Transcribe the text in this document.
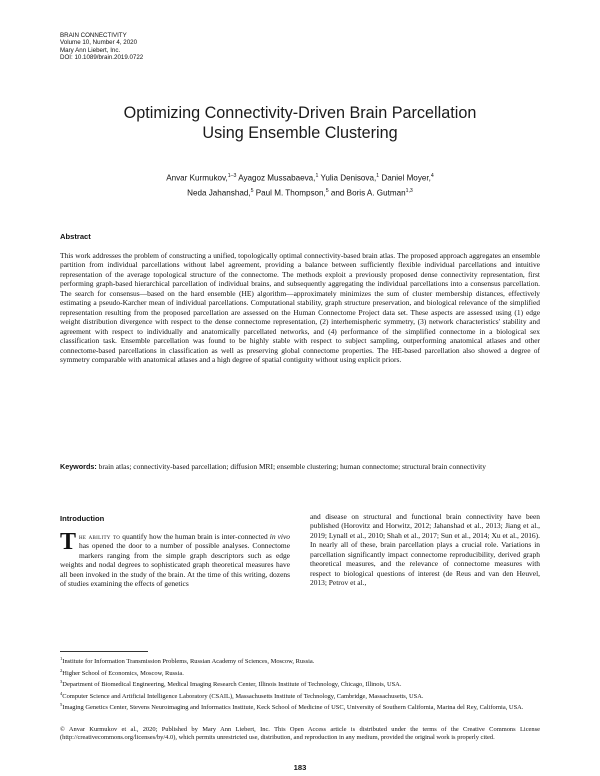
BRAIN CONNECTIVITY
Volume 10, Number 4, 2020
Mary Ann Liebert, Inc.
DOI: 10.1089/brain.2019.0722
Optimizing Connectivity-Driven Brain Parcellation
Using Ensemble Clustering
Anvar Kurmukov,$^{1-3}$ Ayagoz Mussabaeva,$^1$ Yulia Denisova,$^1$ Daniel Moyer,$^4$
Neda Jahanshad,$^5$ Paul M. Thompson,$^5$ and Boris A. Gutman$^{1,3}$
Abstract
This work addresses the problem of constructing a unified, topologically optimal connectivity-based brain atlas. The proposed approach aggregates an ensemble partition from individual parcellations without label agreement, providing a balance between sufficiently flexible individual parcellations and intuitive representation of the average topological structure of the connectome. The methods exploit a previously proposed dense connectivity representation, first performing graph-based hierarchical parcellation of individual brains, and subsequently aggregating the individual parcellations into a consensus parcellation. The search for consensus—based on the hard ensemble (HE) algorithm—approximately minimizes the sum of cluster membership distances, effectively estimating a pseudo-Karcher mean of individual parcellations. Computational stability, graph structure preservation, and biological relevance of the simplified representation resulting from the proposed parcellation are assessed on the Human Connectome Project data set. These aspects are assessed using (1) edge weight distribution divergence with respect to the dense connectome representation, (2) interhemispheric symmetry, (3) network characteristics' stability and agreement with respect to individually and anatomically parcellated networks, and (4) performance of the simplified connectome in a biological sex classification task. Ensemble parcellation was found to be highly stable with respect to subject sampling, outperforming anatomical atlases and other connectome-based parcellations in classification as well as preserving global connectome properties. The HE-based parcellation also showed a degree of symmetry comparable with anatomical atlases and a high degree of spatial contiguity without using explicit priors.
Keywords: brain atlas; connectivity-based parcellation; diffusion MRI; ensemble clustering; human connectome; structural brain connectivity
Introduction
The ability to quantify how the human brain is inter-connected in vivo has opened the door to a number of possible analyses. Connectome markers ranging from the simple graph descriptors such as edge weights and nodal degrees to sophisticated graph theoretical measures have all been invoked in the study of the brain. At the time of this writing, dozens of studies examining the effects of genetics
and disease on structural and functional brain connectivity have been published (Horovitz and Horwitz, 2012; Jahanshad et al., 2013; Jiang et al., 2019; Lynall et al., 2010; Shah et al., 2017; Sun et al., 2014; Xu et al., 2016). In nearly all of these, brain parcellation plays a crucial role. Variations in parcellation significantly impact connectome reproducibility, derived graph theoretical measures, and the relevance of connectome measures with respect to biological questions of interest (de Reus and van den Heuvel, 2013; Petrov et al.,
$^1$Institute for Information Transmission Problems, Russian Academy of Sciences, Moscow, Russia.
$^2$Higher School of Economics, Moscow, Russia.
$^3$Department of Biomedical Engineering, Medical Imaging Research Center, Illinois Institute of Technology, Chicago, Illinois, USA.
$^4$Computer Science and Artificial Intelligence Laboratory (CSAIL), Massachusetts Institute of Technology, Cambridge, Massachusetts, USA.
$^5$Imaging Genetics Center, Stevens Neuroimaging and Informatics Institute, Keck School of Medicine of USC, University of Southern California, Marina del Rey, California, USA.
© Anvar Kurmukov et al., 2020; Published by Mary Ann Liebert, Inc. This Open Access article is distributed under the terms of the Creative Commons License (http://creativecommons.org/licenses/by/4.0), which permits unrestricted use, distribution, and reproduction in any medium, provided the original work is properly cited.
183
